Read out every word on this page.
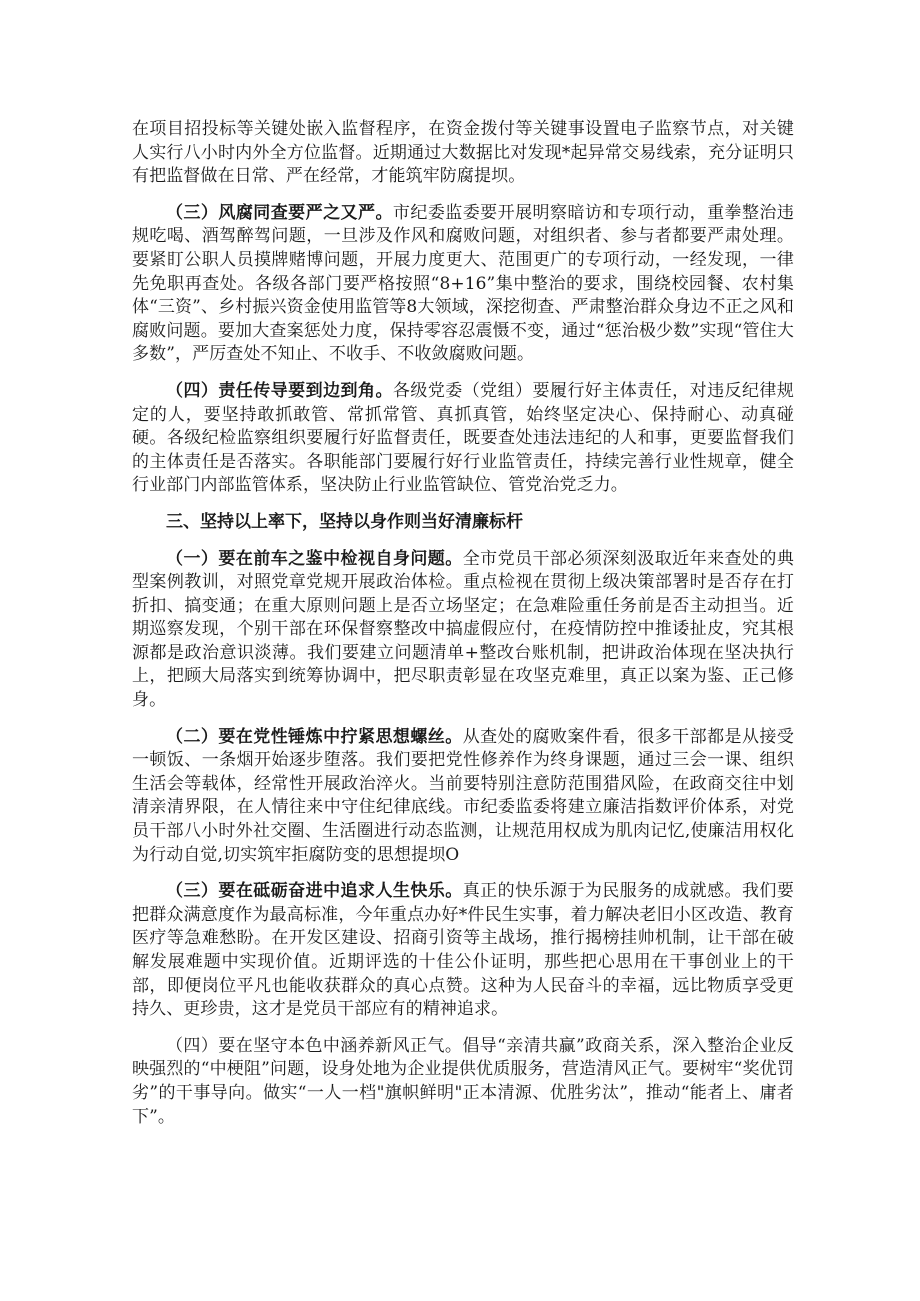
在项目招投标等关键处嵌入监督程序，在资金拨付等关键事设置电子监察节点，对关键人实行八小时内外全方位监督。近期通过大数据比对发现*起异常交易线索，充分证明只有把监督做在日常、严在经常，才能筑牢防腐提坝。

（三）风腐同查要严之又严。市纪委监委要开展明察暗访和专项行动，重拳整治违规吃喝、酒驾醉驾问题，一旦涉及作风和腐败问题，对组织者、参与者都要严肃处理。要紧盯公职人员摸牌赌博问题，开展力度更大、范围更广的专项行动，一经发现，一律先免职再查处。各级各部门要严格按照“8+16”集中整治的要求，围绕校园餐、农村集体“三资”、乡村振兴资金使用监管等8大领域，深挖彻查、严肃整治群众身边不正之风和腐败问题。要加大查案惩处力度，保持零容忍震慑不变，通过“惩治极少数”实现“管住大多数”，严厉查处不知止、不收手、不收敛腐败问题。

（四）责任传导要到边到角。各级党委（党组）要履行好主体责任，对违反纪律规定的人，要坚持敢抓敢管、常抓常管、真抓真管，始终坚定决心、保持耐心、动真碰硬。各级纪检监察组织要履行好监督责任，既要查处违法违纪的人和事，更要监督我们的主体责任是否落实。各职能部门要履行好行业监管责任，持续完善行业性规章，健全行业部门内部监管体系，坚决防止行业监管缺位、管党治党乏力。

三、坚持以上率下，坚持以身作则当好清廉标杆

（一）要在前车之鉴中检视自身问题。全市党员干部必须深刻汲取近年来查处的典型案例教训，对照党章党规开展政治体检。重点检视在贯彻上级决策部署时是否存在打折扣、搞变通；在重大原则问题上是否立场坚定；在急难险重任务前是否主动担当。近期巡察发现，个别干部在环保督察整改中搞虚假应付，在疫情防控中推诿扯皮，究其根源都是政治意识淡薄。我们要建立问题清单+整改台账机制，把讲政治体现在坚决执行上，把顾大局落实到统筹协调中，把尽职责彰显在攻坚克难里，真正以案为鉴、正己修身。

（二）要在党性锤炼中拧紧思想螺丝。从查处的腐败案件看，很多干部都是从接受一顿饭、一条烟开始逐步堕落。我们要把党性修养作为终身课题，通过三会一课、组织生活会等载体，经常性开展政治淬火。当前要特别注意防范围猎风险，在政商交往中划清亲清界限，在人情往来中守住纪律底线。市纪委监委将建立廉洁指数评价体系，对党员干部八小时外社交圈、生活圈进行动态监测，让规范用权成为肌肉记忆,使廉洁用权化为行动自觉,切实筑牢拒腐防变的思想提坝O

（三）要在砥砺奋进中追求人生快乐。真正的快乐源于为民服务的成就感。我们要把群众满意度作为最高标准，今年重点办好*件民生实事，着力解决老旧小区改造、教育医疗等急难愁盼。在开发区建设、招商引资等主战场，推行揭榜挂帅机制，让干部在破解发展难题中实现价值。近期评选的十佳公仆证明，那些把心思用在干事创业上的干部，即便岗位平凡也能收获群众的真心点赞。这种为人民奋斗的幸福，远比物质享受更持久、更珍贵，这才是党员干部应有的精神追求。

（四）要在坚守本色中涵养新风正气。倡导“亲清共赢”政商关系，深入整治企业反映强烈的“中梗阻”问题，设身处地为企业提供优质服务，营造清风正气。要树牢“奖优罚劣”的干事导向。做实“一人一档"旗帜鲜明"正本清源、优胜劣汰”，推动“能者上、庸者下”。
